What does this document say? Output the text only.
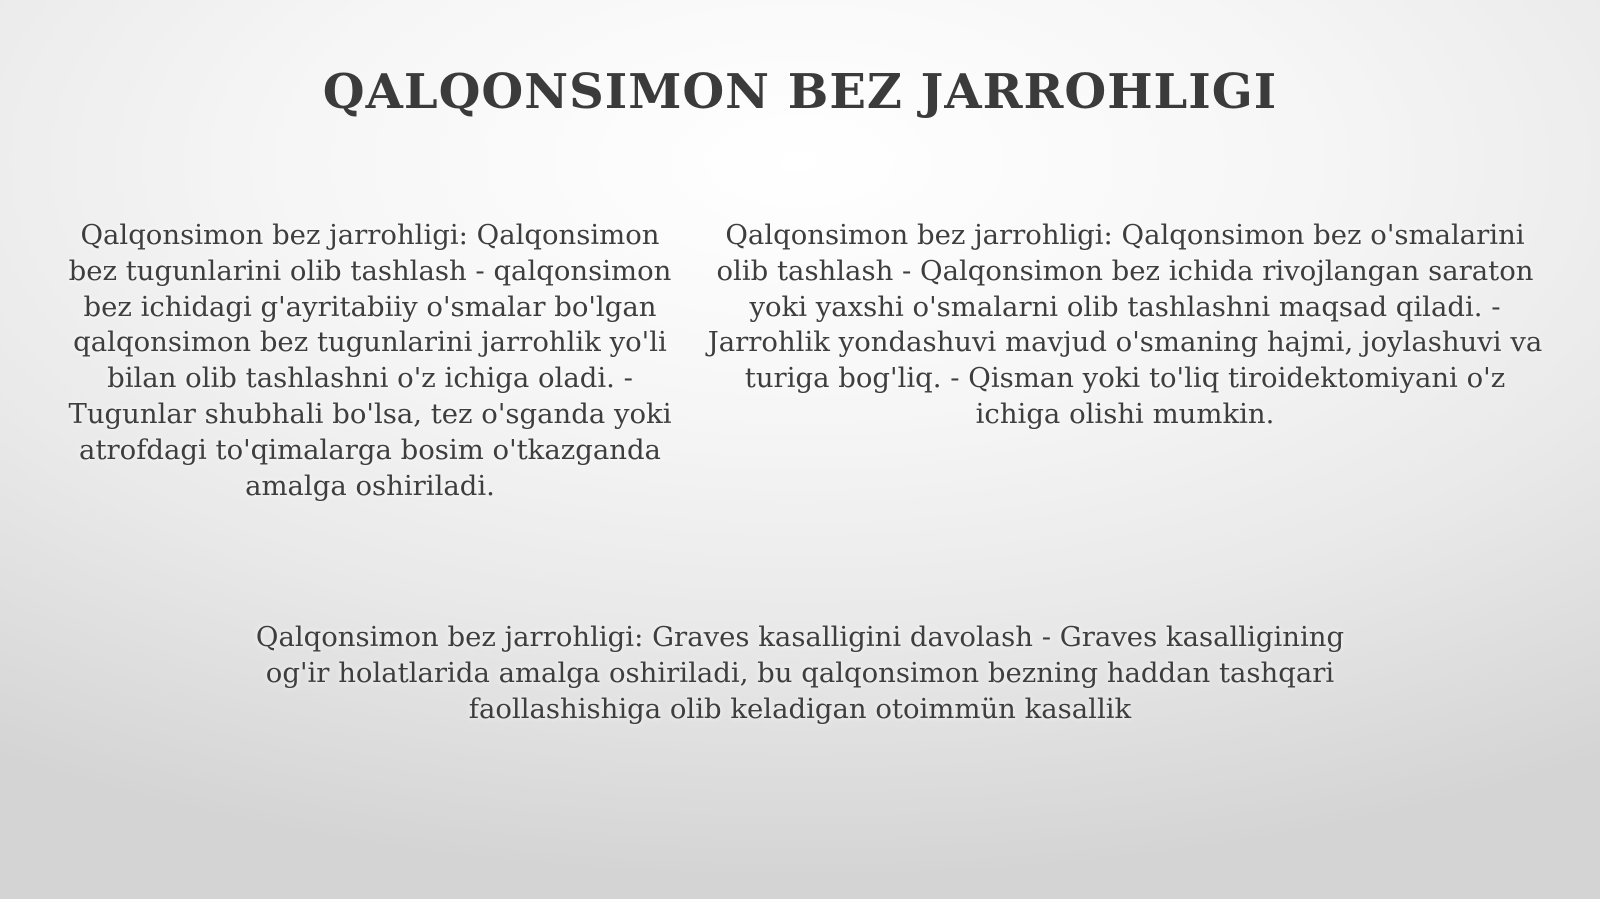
QALQONSIMON BEZ JARROHLIGI
Qalqonsimon bez jarrohligi: Qalqonsimon bez tugunlarini olib tashlash - qalqonsimon bez ichidagi g'ayritabiiy o'smalar bo'lgan qalqonsimon bez tugunlarini jarrohlik yo'li bilan olib tashlashni o'z ichiga oladi. - Tugunlar shubhali bo'lsa, tez o'sganda yoki atrofdagi to'qimalarga bosim o'tkazganda amalga oshiriladi.
Qalqonsimon bez jarrohligi: Qalqonsimon bez o'smalarini olib tashlash - Qalqonsimon bez ichida rivojlangan saraton yoki yaxshi o'smalarni olib tashlashni maqsad qiladi. - Jarrohlik yondashuvi mavjud o'smaning hajmi, joylashuvi va turiga bog'liq. - Qisman yoki to'liq tiroidektomiyani o'z ichiga olishi mumkin.
Qalqonsimon bez jarrohligi: Graves kasalligini davolash - Graves kasalligining og'ir holatlarida amalga oshiriladi, bu qalqonsimon bezning haddan tashqari faollashishiga olib keladigan otoimmün kasallik
